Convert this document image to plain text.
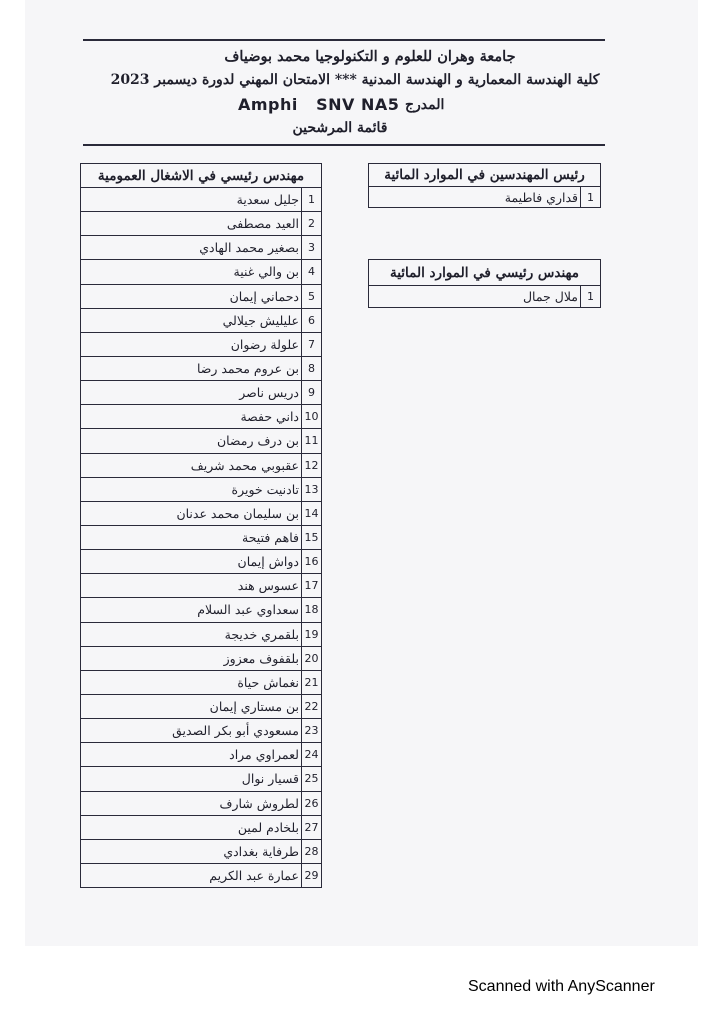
جامعة وهران للعلوم و التكنولوجيا محمد بوضياف
كلية الهندسة المعمارية و الهندسة المدنية *** الامتحان المهني لدورة ديسمبر 2023
المدرج
Amphi   SNV NA5
قائمة المرشحين
مهندس رئيسي في الاشغال العمومية	
1	جليل سعدية
2	العيد مصطفى
3	بصغير محمد الهادي
4	بن والي غنية
5	دحماني إيمان
6	عليليش جيلالي
7	علولة رضوان
8	بن عروم محمد رضا
9	دريس ناصر
10	داني حفصة
11	بن درف رمضان
12	عقبوبي محمد شريف
13	تادنيت خويرة
14	بن سليمان محمد عدنان
15	فاهم فتيحة
16	دواش إيمان
17	عسوس هند
18	سعداوي عبد السلام
19	بلقمري خديجة
20	بلقفوف معزوز
21	نغماش حياة
22	بن مستاري إيمان
23	مسعودي أبو بكر الصديق
24	لعمراوي مراد
25	قسيار نوال
26	لطروش شارف
27	بلخادم لمين
28	طرفاية بغدادي
29	عمارة عبد الكريم
رئيس المهندسين في الموارد المائية
1	قداري فاطيمة
مهندس رئيسي في الموارد المائية
1	ملال جمال
Scanned with AnyScanner
